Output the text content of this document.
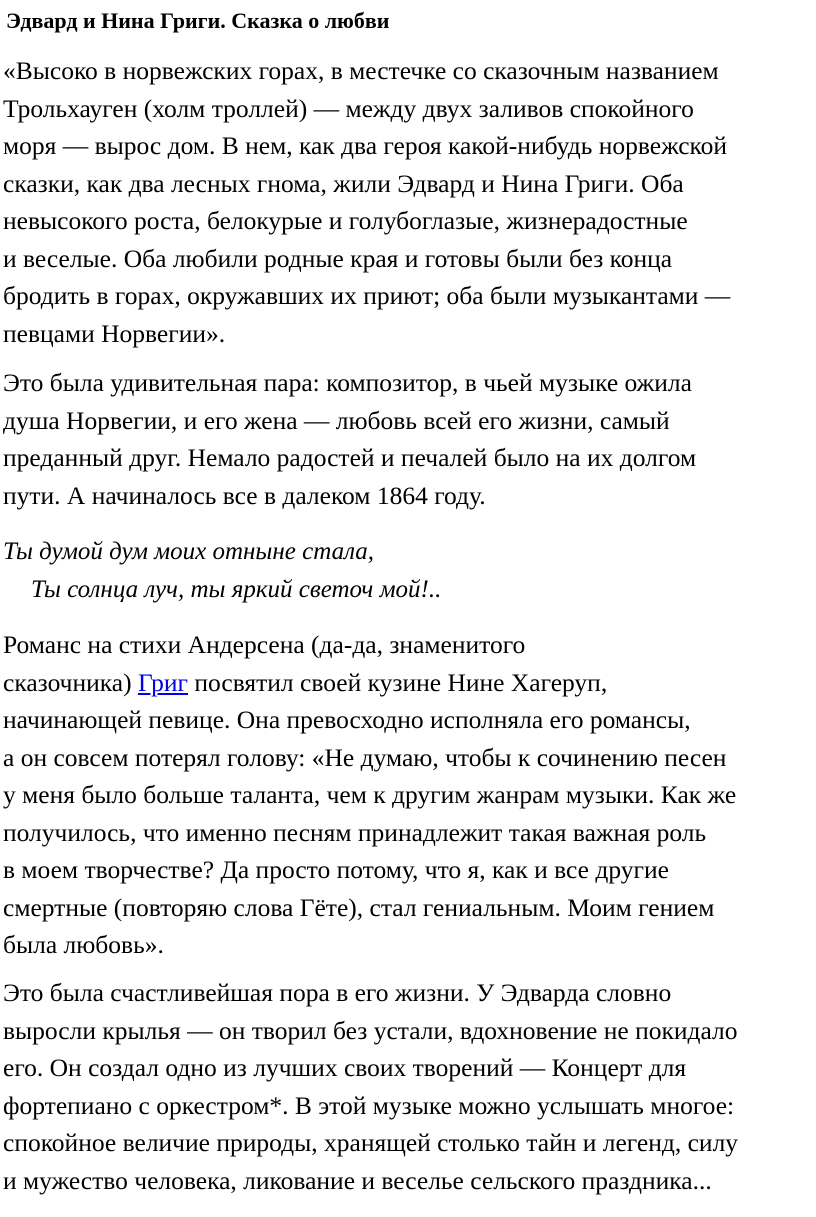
Эдвард и Нина Григи. Сказка о любви

«Высоко в норвежских горах, в местечке со сказочным названием
Трольхауген (холм троллей) — между двух заливов спокойного
моря — вырос дом. В нем, как два героя какой-нибудь норвежской
сказки, как два лесных гнома, жили Эдвард и Нина Григи. Оба
невысокого роста, белокурые и голубоглазые, жизнерадостные
и веселые. Оба любили родные края и готовы были без конца
бродить в горах, окружавших их приют; оба были музыкантами —
певцами Норвегии».

Это была удивительная пара: композитор, в чьей музыке ожила
душа Норвегии, и его жена — любовь всей его жизни, самый
преданный друг. Немало радостей и печалей было на их долгом
пути. А начиналось все в далеком 1864 году.

Ты думой дум моих отныне стала,
Ты солнца луч, ты яркий светоч мой!..

Романс на стихи Андерсена (да-да, знаменитого
сказочника) Григ посвятил своей кузине Нине Хагеруп,
начинающей певице. Она превосходно исполняла его романсы,
а он совсем потерял голову: «Не думаю, чтобы к сочинению песен
у меня было больше таланта, чем к другим жанрам музыки. Как же
получилось, что именно песням принадлежит такая важная роль
в моем творчестве? Да просто потому, что я, как и все другие
смертные (повторяю слова Гёте), стал гениальным. Моим гением
была любовь».

Это была счастливейшая пора в его жизни. У Эдварда словно
выросли крылья — он творил без устали, вдохновение не покидало
его. Он создал одно из лучших своих творений — Концерт для
фортепиано с оркестром*. В этой музыке можно услышать многое:
спокойное величие природы, хранящей столько тайн и легенд, силу
и мужество человека, ликование и веселье сельского праздника...
